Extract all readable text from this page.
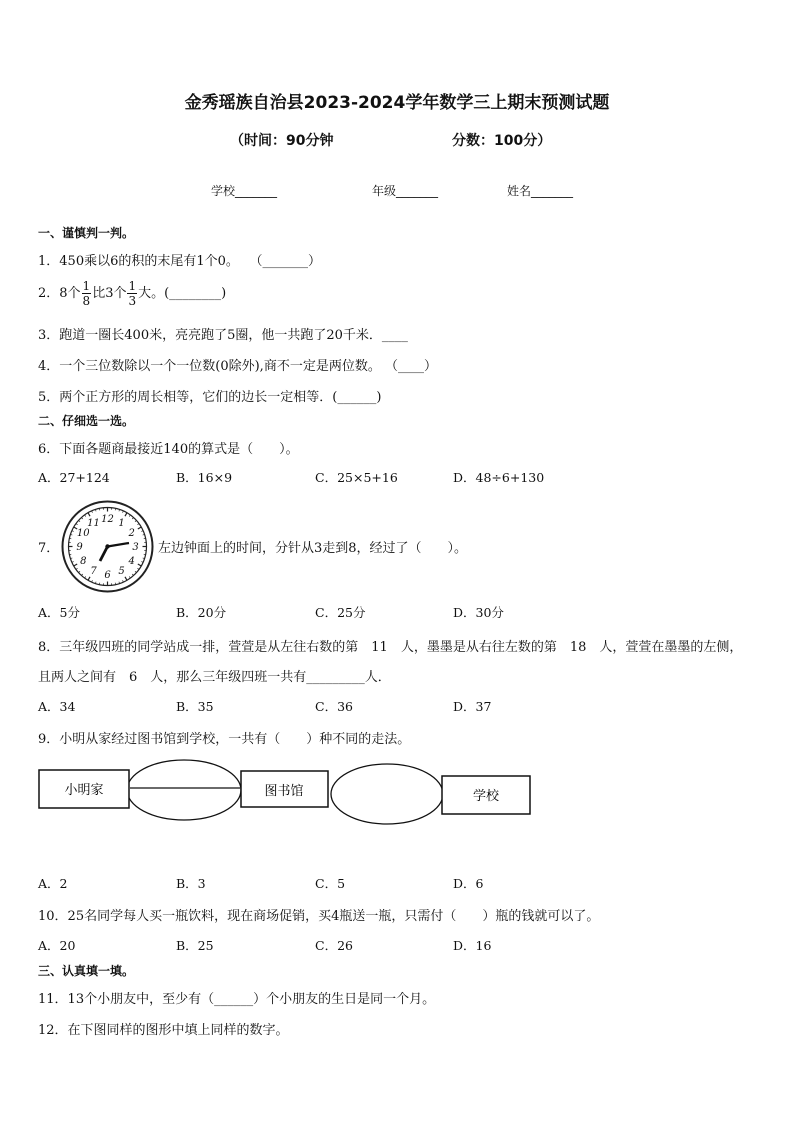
金秀瑶族自治县2023-2024学年数学三上期末预测试题
（时间：90分钟	分数：100分）
学校_______	年级_______	姓名_______
一、谨慎判一判。
1．450乘以6的积的末尾有1个0。　 （_______）
2．8个 $\frac{1}{8}$ 比3个 $\frac{1}{3}$ 大。(________)
3．跑道一圈长400米，亮亮跑了5圈，他一共跑了20千米．____
4．一个三位数除以一个一位数(0除外),商不一定是两位数。 （____）
5．两个正方形的周长相等，它们的边长一定相等．(______)
二、仔细选一选。
6．下面各题商最接近140的算式是（　　）。
A．27+124	B．16×9	C．25×5+16	D．48÷6+130
7．
12 1
2
3
4
5
6
7
8
9
10
11
左边钟面上的时间，分针从3走到8，经过了（　　）。
A．5分	B．20分	C．25分	D．30分
8．三年级四班的同学站成一排，萱萱是从左往右数的第　11　人，墨墨是从右往左数的第　18　人，萱萱在墨墨的左侧，
且两人之间有　6　人，那么三年级四班一共有_________人．
A．34	B．35	C．36	D．37
9．小明从家经过图书馆到学校，一共有（　　）种不同的走法。
小明家	图书馆	学校
A．2	B．3	C．5	D．6
10．25名同学每人买一瓶饮料，现在商场促销，买4瓶送一瓶，只需付（　　）瓶的钱就可以了。
A．20	B．25	C．26	D．16
三、认真填一填。
11．13个小朋友中，至少有（______）个小朋友的生日是同一个月。
12．在下图同样的图形中填上同样的数字。
